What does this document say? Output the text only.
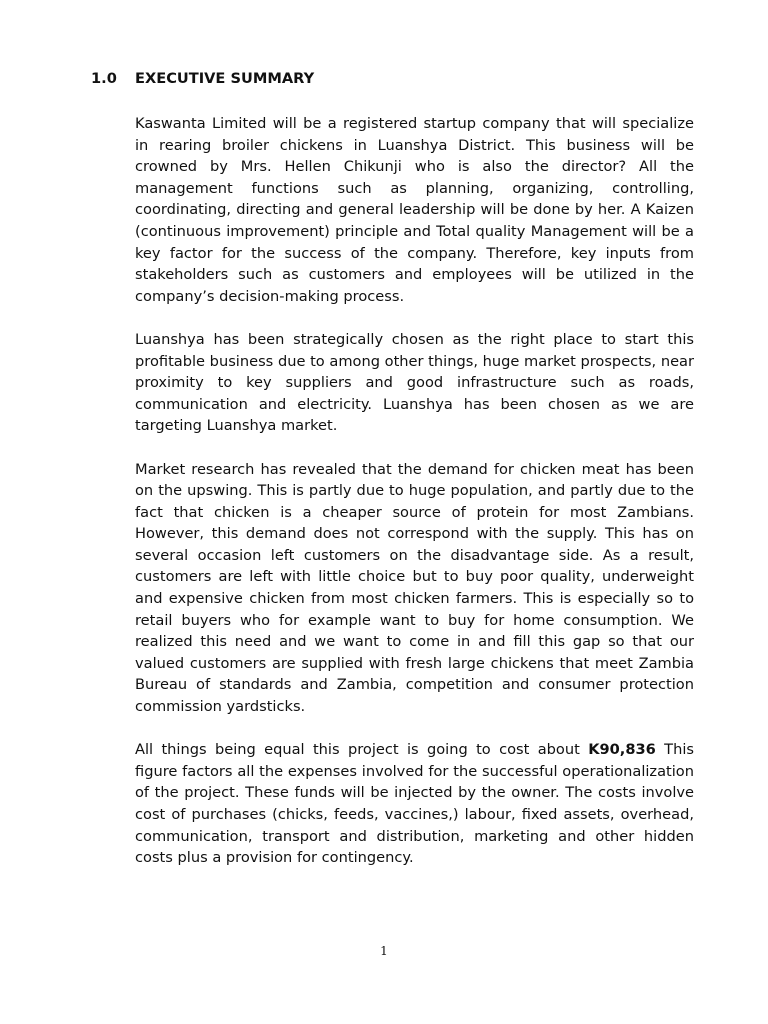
1.0 EXECUTIVE SUMMARY

Kaswanta Limited will be a registered startup company that will specialize in rearing broiler chickens in Luanshya District. This business will be crowned by Mrs. Hellen Chikunji who is also the director? All the management functions such as planning, organizing, controlling, coordinating, directing and general leadership will be done by her. A Kaizen (continuous improvement) principle and Total quality Management will be a key factor for the success of the company. Therefore, key inputs from stakeholders such as customers and employees will be utilized in the company’s decision-making process.

Luanshya has been strategically chosen as the right place to start this profitable business due to among other things, huge market prospects, near proximity to key suppliers and good infrastructure such as roads, communication and electricity. Luanshya has been chosen as we are targeting Luanshya market.

Market research has revealed that the demand for chicken meat has been on the upswing. This is partly due to huge population, and partly due to the fact that chicken is a cheaper source of protein for most Zambians. However, this demand does not correspond with the supply. This has on several occasion left customers on the disadvantage side. As a result, customers are left with little choice but to buy poor quality, underweight and expensive chicken from most chicken farmers. This is especially so to retail buyers who for example want to buy for home consumption. We realized this need and we want to come in and fill this gap so that our valued customers are supplied with fresh large chickens that meet Zambia Bureau of standards and Zambia, competition and consumer protection commission yardsticks.

All things being equal this project is going to cost about K90,836 This figure factors all the expenses involved for the successful operationalization of the project. These funds will be injected by the owner. The costs involve cost of purchases (chicks, feeds, vaccines,) labour, fixed assets, overhead, communication, transport and distribution, marketing and other hidden costs plus a provision for contingency.

1
